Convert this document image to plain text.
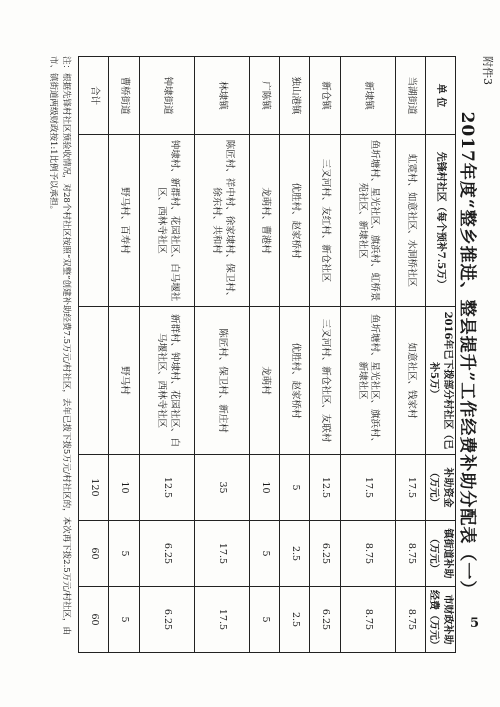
附件3
2017年度“整乡推进、整县提升”工作经费补助分配表（一）
单 位	先锋村社区（每个预补7.5万）	2016年已下拨部分村社区（已补5万）	补助资金（万元）	镇街道补助（万元）	市财政补助经费（万元）
当湖街道	虹霓村、如意社区、水洞桥社区	如意社区、钱家村	17.5	8.75	8.75
新埭镇	鱼圻塘村、星光社区、旗浜村、虹桥景苑社区、新埭社区	鱼圻塘村、星光社区、旗浜村、新埭社区	17.5	8.75	8.75
新仓镇	三叉河村、友红村、新仓社区	三叉河村、新仓社区、友联村	12.5	6.25	6.25
独山港镇	优胜村、赵家桥村	优胜村、赵家桥村	5	2.5	2.5
广陈镇	龙萌村、曹港村	龙萌村	10	5	5
林埭镇	陈匠村、祥中村、徐家埭村、保卫村、徐东村、共和村	陈匠村、保卫村、新庄村	35	17.5	17.5
钟埭街道	钟埭村、新群村、花园社区、白马堰社区、西林寺社区	新群村、钟埭村、花园社区、白马堰社区、西林寺社区	12.5	6.25	6.25
曹桥街道	野马村、百寿村	野马村	10	5	5
合计			120	60	60
注：根据先锋村社区预验收情况，对28个村社区按照“双整”创建补助经费7.5万元/村社区，去年已拨下拨5万元/村社区的，本次再下拨2.5万元/村社区，由市、镇街道两级财政按1:1比例予以承担。
5
